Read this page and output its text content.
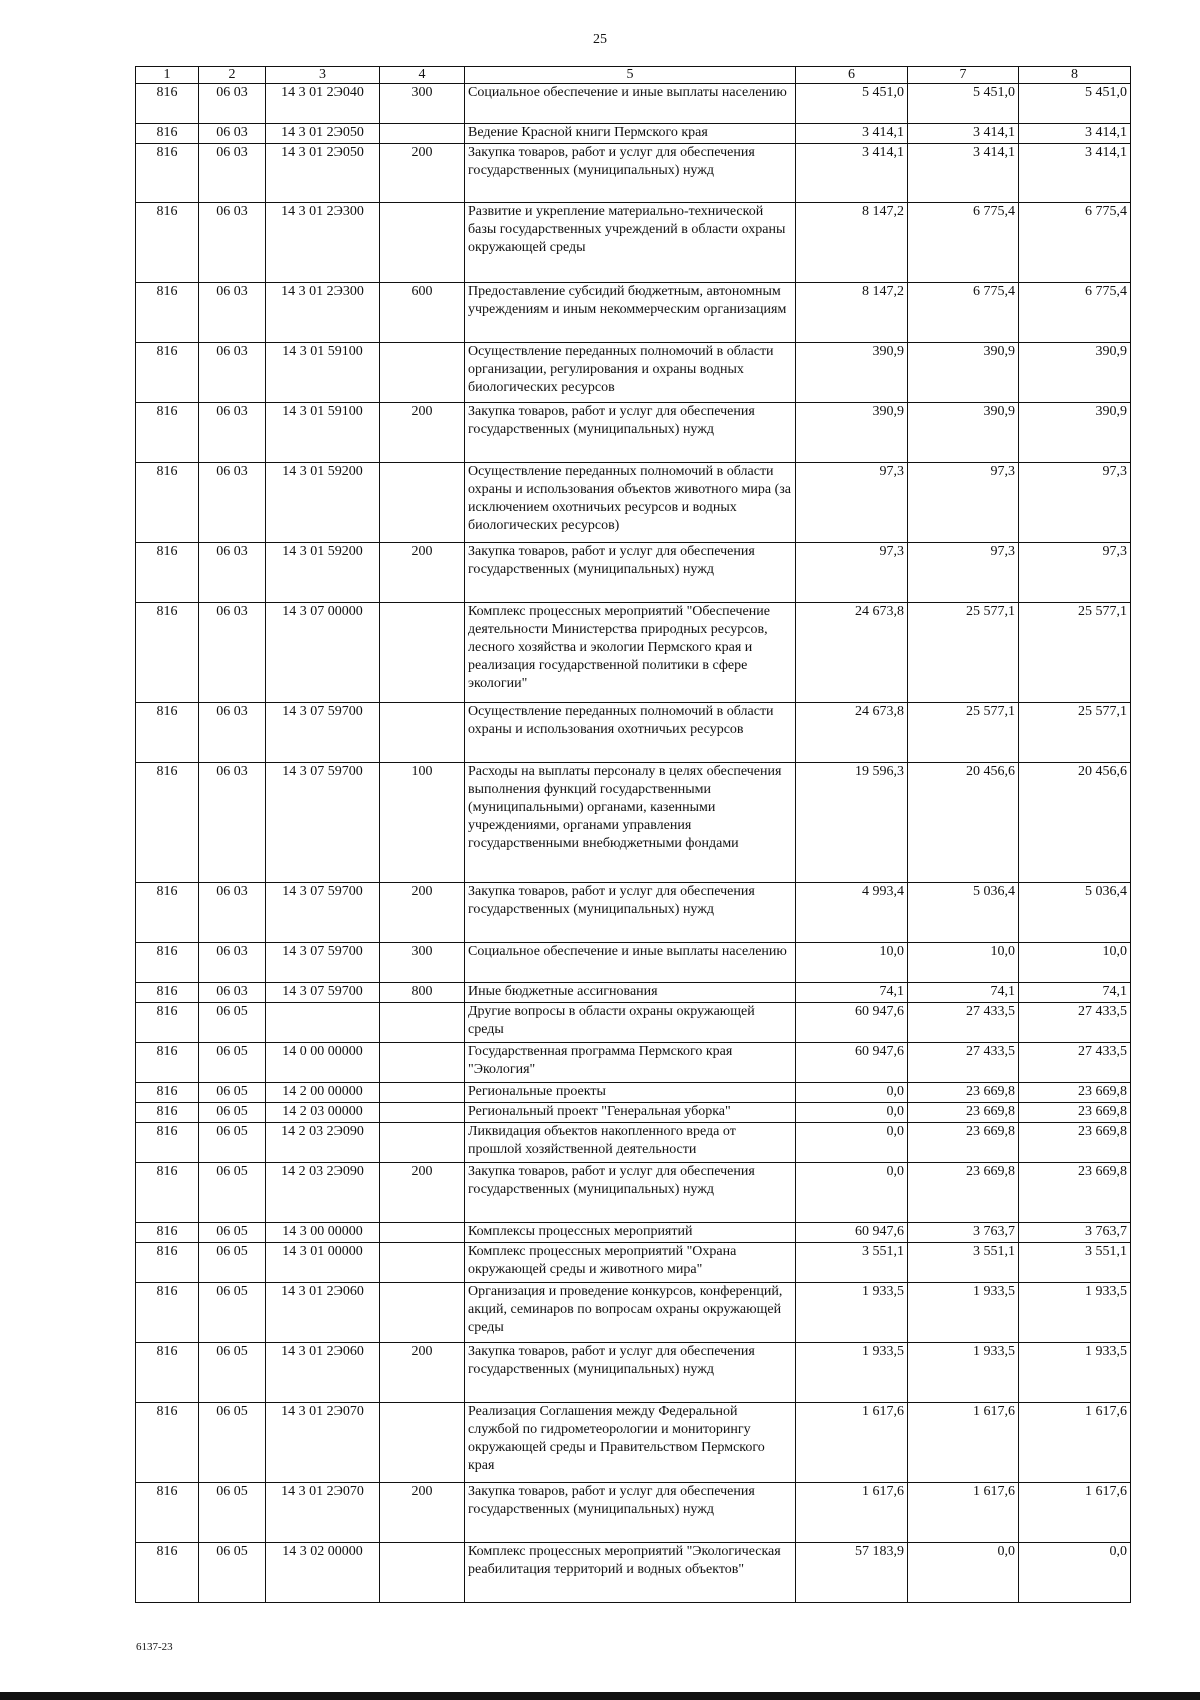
25
1	2	3	4	5	6	7	8
816	06 03	14 3 01 2Э040	300	Социальное обеспечение и иные выплаты населению	5 451,0	5 451,0	5 451,0
816	06 03	14 3 01 2Э050		Ведение Красной книги Пермского края	3 414,1	3 414,1	3 414,1
816	06 03	14 3 01 2Э050	200	Закупка товаров, работ и услуг для обеспечения государственных (муниципальных) нужд	3 414,1	3 414,1	3 414,1
816	06 03	14 3 01 2Э300		Развитие и укрепление материально-технической базы государственных учреждений в области охраны окружающей среды	8 147,2	6 775,4	6 775,4
816	06 03	14 3 01 2Э300	600	Предоставление субсидий бюджетным, автономным учреждениям и иным некоммерческим организациям	8 147,2	6 775,4	6 775,4
816	06 03	14 3 01 59100		Осуществление переданных полномочий в области организации, регулирования и охраны водных биологических ресурсов	390,9	390,9	390,9
816	06 03	14 3 01 59100	200	Закупка товаров, работ и услуг для обеспечения государственных (муниципальных) нужд	390,9	390,9	390,9
816	06 03	14 3 01 59200		Осуществление переданных полномочий в области охраны и использования объектов животного мира (за исключением охотничьих ресурсов и водных биологических ресурсов)	97,3	97,3	97,3
816	06 03	14 3 01 59200	200	Закупка товаров, работ и услуг для обеспечения государственных (муниципальных) нужд	97,3	97,3	97,3
816	06 03	14 3 07 00000		Комплекс процессных мероприятий "Обеспечение деятельности Министерства природных ресурсов, лесного хозяйства и экологии Пермского края и реализация государственной политики в сфере экологии"	24 673,8	25 577,1	25 577,1
816	06 03	14 3 07 59700		Осуществление переданных полномочий в области охраны и использования охотничьих ресурсов	24 673,8	25 577,1	25 577,1
816	06 03	14 3 07 59700	100	Расходы на выплаты персоналу в целях обеспечения выполнения функций государственными (муниципальными) органами, казенными учреждениями, органами управления государственными внебюджетными фондами	19 596,3	20 456,6	20 456,6
816	06 03	14 3 07 59700	200	Закупка товаров, работ и услуг для обеспечения государственных (муниципальных) нужд	4 993,4	5 036,4	5 036,4
816	06 03	14 3 07 59700	300	Социальное обеспечение и иные выплаты населению	10,0	10,0	10,0
816	06 03	14 3 07 59700	800	Иные бюджетные ассигнования	74,1	74,1	74,1
816	06 05			Другие вопросы в области охраны окружающей среды	60 947,6	27 433,5	27 433,5
816	06 05	14 0 00 00000		Государственная программа Пермского края "Экология"	60 947,6	27 433,5	27 433,5
816	06 05	14 2 00 00000		Региональные проекты	0,0	23 669,8	23 669,8
816	06 05	14 2 03 00000		Региональный проект "Генеральная уборка"	0,0	23 669,8	23 669,8
816	06 05	14 2 03 2Э090		Ликвидация объектов накопленного вреда от прошлой хозяйственной деятельности	0,0	23 669,8	23 669,8
816	06 05	14 2 03 2Э090	200	Закупка товаров, работ и услуг для обеспечения государственных (муниципальных) нужд	0,0	23 669,8	23 669,8
816	06 05	14 3 00 00000		Комплексы процессных мероприятий	60 947,6	3 763,7	3 763,7
816	06 05	14 3 01 00000		Комплекс процессных мероприятий "Охрана окружающей среды и животного мира"	3 551,1	3 551,1	3 551,1
816	06 05	14 3 01 2Э060		Организация и проведение конкурсов, конференций, акций, семинаров по вопросам охраны окружающей среды	1 933,5	1 933,5	1 933,5
816	06 05	14 3 01 2Э060	200	Закупка товаров, работ и услуг для обеспечения государственных (муниципальных) нужд	1 933,5	1 933,5	1 933,5
816	06 05	14 3 01 2Э070		Реализация Соглашения между Федеральной службой по гидрометеорологии и мониторингу окружающей среды и Правительством Пермского края	1 617,6	1 617,6	1 617,6
816	06 05	14 3 01 2Э070	200	Закупка товаров, работ и услуг для обеспечения государственных (муниципальных) нужд	1 617,6	1 617,6	1 617,6
816	06 05	14 3 02 00000		Комплекс процессных мероприятий "Экологическая реабилитация территорий и водных объектов"	57 183,9	0,0	0,0
6137-23
